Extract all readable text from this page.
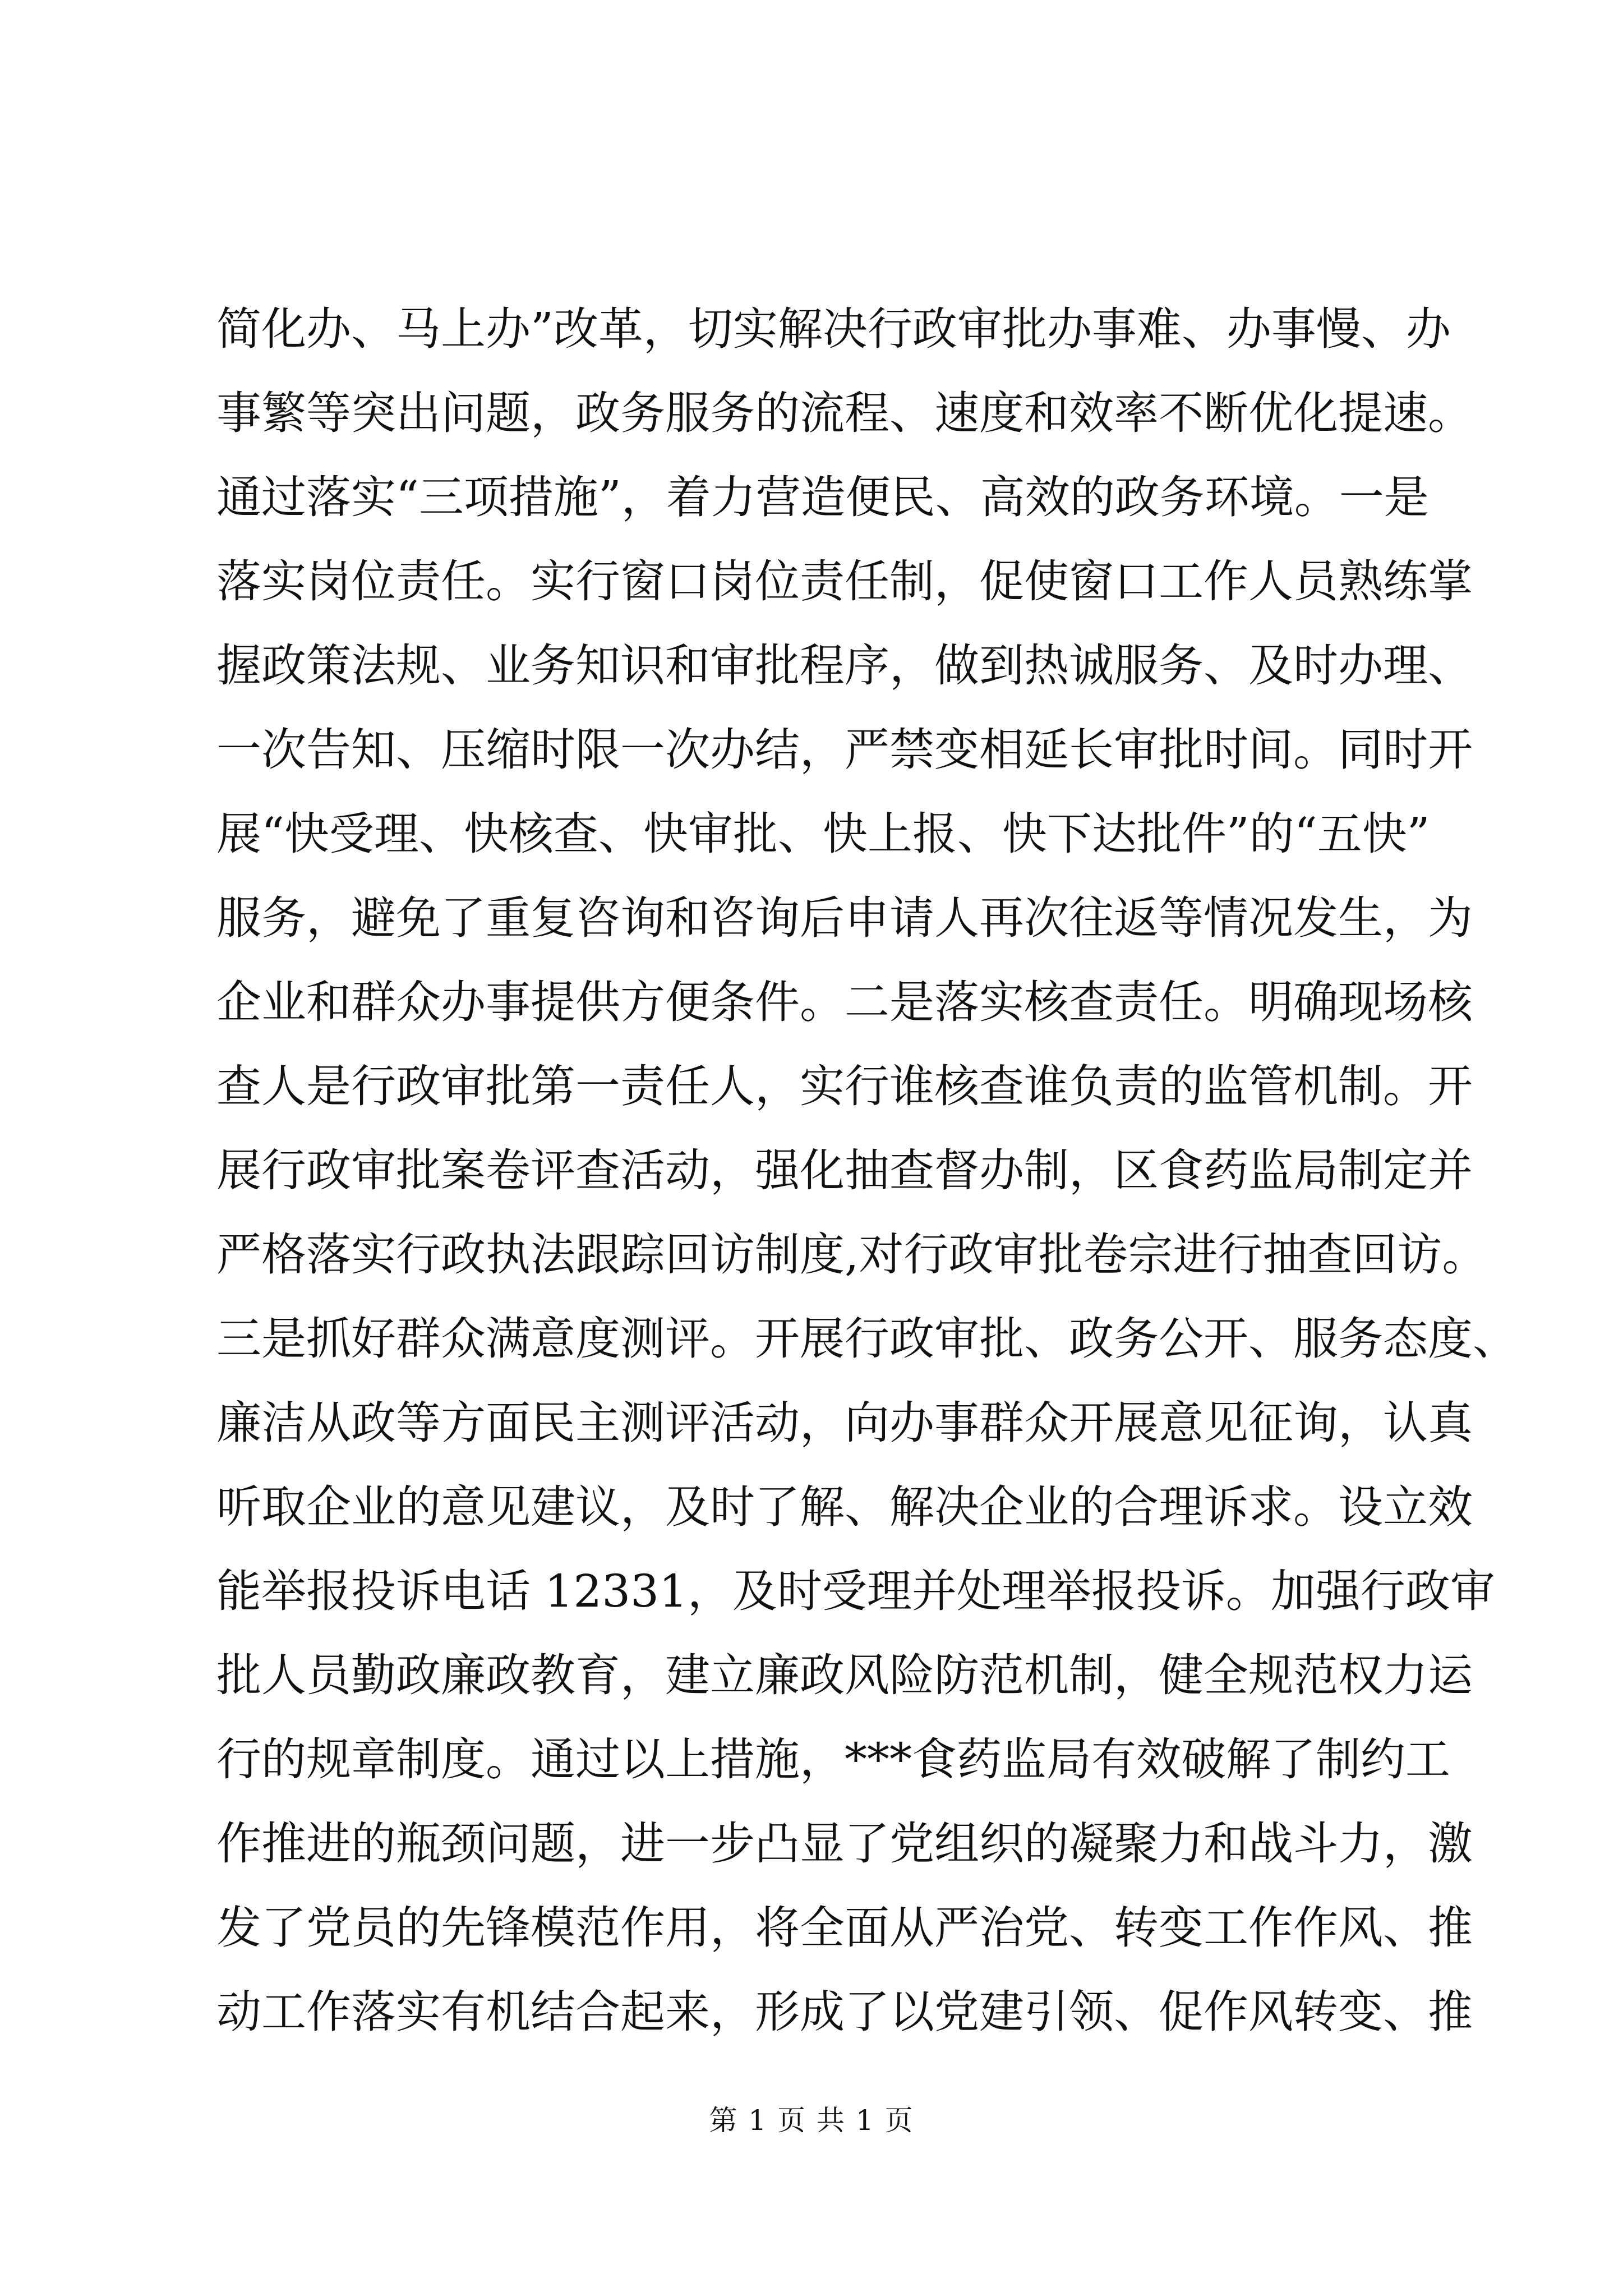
简化办、马上办”改革，切实解决行政审批办事难、办事慢、办
事繁等突出问题，政务服务的流程、速度和效率不断优化提速。
通过落实“三项措施”，着力营造便民、高效的政务环境。一是
落实岗位责任。实行窗口岗位责任制，促使窗口工作人员熟练掌
握政策法规、业务知识和审批程序，做到热诚服务、及时办理、
一次告知、压缩时限一次办结，严禁变相延长审批时间。同时开
展“快受理、快核查、快审批、快上报、快下达批件”的“五快”
服务，避免了重复咨询和咨询后申请人再次往返等情况发生，为
企业和群众办事提供方便条件。二是落实核查责任。明确现场核
查人是行政审批第一责任人，实行谁核查谁负责的监管机制。开
展行政审批案卷评查活动，强化抽查督办制，区食药监局制定并
严格落实行政执法跟踪回访制度,对行政审批卷宗进行抽查回访。
三是抓好群众满意度测评。开展行政审批、政务公开、服务态度、
廉洁从政等方面民主测评活动，向办事群众开展意见征询，认真
听取企业的意见建议，及时了解、解决企业的合理诉求。设立效
能举报投诉电话 12331，及时受理并处理举报投诉。加强行政审
批人员勤政廉政教育，建立廉政风险防范机制，健全规范权力运
行的规章制度。通过以上措施，***食药监局有效破解了制约工
作推进的瓶颈问题，进一步凸显了党组织的凝聚力和战斗力，激
发了党员的先锋模范作用，将全面从严治党、转变工作作风、推
动工作落实有机结合起来，形成了以党建引领、促作风转变、推
第 1 页 共 1 页
